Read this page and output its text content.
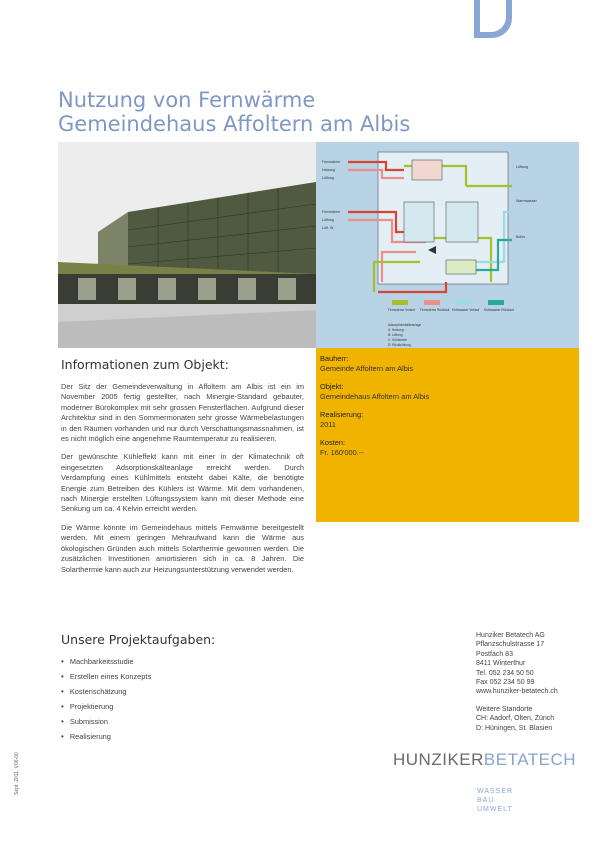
Nutzung von Fernwärme
Gemeindehaus Affoltern am Albis
Fernwärme
Heizung
Lüftung
Fernwärme
Lüftung
Lüft. W.
Lüftung
Warmwasser
Boiler
Fernwärme Vorlauf Fernwärme Rücklauf Kühlwasser Vorlauf Kühlwasser Rücklauf
Adsorptionskälteanlage
A: Heizung
B: Lüftung
C: Kühldecke
D: Rückkühlung
Bauherr:
Gemeinde Affoltern am Albis
Objekt:
Gemeindehaus Affoltern am Albis
Realisierung:
2011
Kosten:
Fr. 160'000.--
Informationen zum Objekt:

Der Sitz der Gemeindeverwaltung in Affoltern am Albis ist ein im November 2005 fertig gestellter, nach Minergie-Standard gebauter, moderner Bürokomplex mit sehr grossen Fensterflächen. Aufgrund dieser Architektur sind in den Sommermonaten sehr grosse Wärmebelastungen in den Räumen vorhanden und nur durch Verschattungsmassnahmen, ist es nicht möglich eine angenehme Raumtemperatur zu realisieren.

Der gewünschte Kühleffekt kann mit einer in der Klimatechnik oft eingesetzten Adsorptionskälteanlage erreicht werden. Durch Verdampfung eines Kühlmittels entsteht dabei Kälte, die benötigte Energie zum Betreiben des Kühlers ist Wärme. Mit dem vorhandenen, nach Minergie erstellten Lüftungssystem kann mit dieser Methode eine Senkung um ca. 4 Kelvin erreicht werden.

Die Wärme könnte im Gemeindehaus mittels Fernwärme bereitgestellt werden. Mit einem geringen Mehraufwand kann die Wärme aus ökologischen Gründen auch mittels Solarthermie gewonnen werden. Die zusätzlichen Investitionen amortisieren sich in ca. 8 Jahren. Die Solarthermie kann auch zur Heizungsunterstützung verwendet werden.

Unsere Projektaufgaben:
• Machbarkeitsstudie
• Erstellen eines Konzepts
• Kostenschätzung
• Projektierung
• Submission
• Realisierung
Hunziker Betatech AG
Pflanzschulstrasse 17
Postfach 83
8411 Winterthur
Tel. 052 234 50 50
Fax 052 234 50 99
www.hunziker-betatech.ch
Weitere Standorte
CH: Aadorf, Olten, Zürich
D: Hüningen, St. Blasien
HUNZIKERBETATECH
WASSER
BAU
UMWELT
Sept. 2011, V06-00
